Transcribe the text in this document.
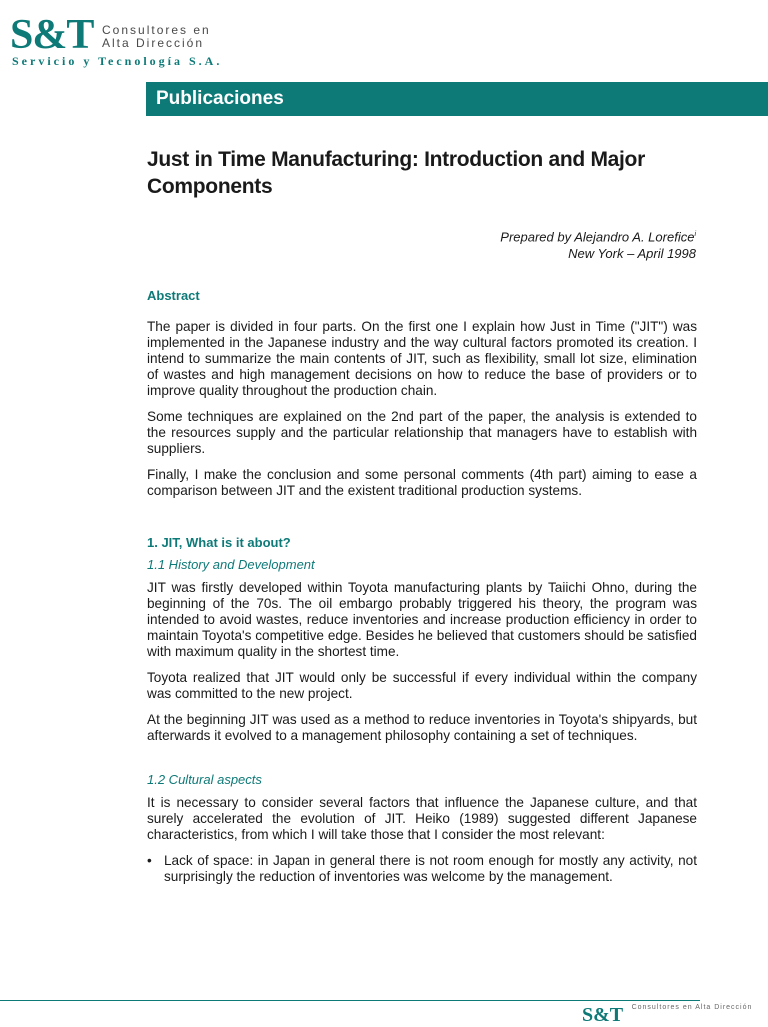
S&T Consultores en Alta Dirección
Servicio y Tecnología S.A.
Publicaciones
Just in Time Manufacturing: Introduction and Major Components
Prepared by Alejandro A. Lorefice$^i$
New York – April 1998
Abstract

The paper is divided in four parts. On the first one I explain how Just in Time ("JIT") was implemented in the Japanese industry and the way cultural factors promoted its creation. I intend to summarize the main contents of JIT, such as flexibility, small lot size, elimination of wastes and high management decisions on how to reduce the base of providers or to improve quality throughout the production chain.

Some techniques are explained on the 2nd part of the paper, the analysis is extended to the resources supply and the particular relationship that managers have to establish with suppliers.

Finally, I make the conclusion and some personal comments (4th part) aiming to ease a comparison between JIT and the existent traditional production systems.

1. JIT, What is it about?
1.1 History and Development

JIT was firstly developed within Toyota manufacturing plants by Taiichi Ohno, during the beginning of the 70s. The oil embargo probably triggered his theory, the program was intended to avoid wastes, reduce inventories and increase production efficiency in order to maintain Toyota's competitive edge. Besides he believed that customers should be satisfied with maximum quality in the shortest time.

Toyota realized that JIT would only be successful if every individual within the company was committed to the new project.

At the beginning JIT was used as a method to reduce inventories in Toyota's shipyards, but afterwards it evolved to a management philosophy containing a set of techniques.

1.2 Cultural aspects

It is necessary to consider several factors that influence the Japanese culture, and that surely accelerated the evolution of JIT. Heiko (1989) suggested different Japanese characteristics, from which I will take those that I consider the most relevant:

• Lack of space: in Japan in general there is not room enough for mostly any activity, not surprisingly the reduction of inventories was welcome by the management.
S&T Consultores en Alta Dirección
